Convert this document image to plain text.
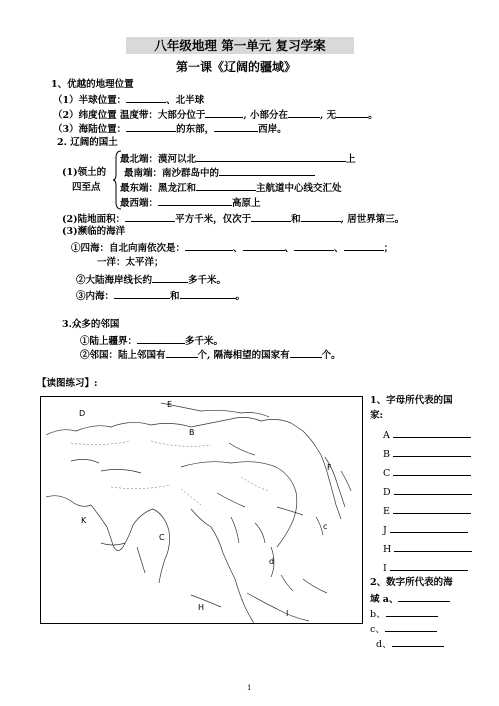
八年级地理 第一单元 复习学案
第一课《辽阔的疆域》
1、优越的地理位置
（1）半球位置：	、北半球
（2）纬度位置 温度带：大部分位于	, 小部分在	, 无	。
（3）海陆位置：	的东部，	西岸。
2. 辽阔的国土
(1)领土的
四至点
最北端：漠河以北	上
最南端：南沙群岛中的
最东端：黑龙江和	主航道中心线交汇处
最西端：	高原上
(2)陆地面积：	平方千米，仅次于	和	, 居世界第三。
(3)濒临的海洋
①四海：自北向南依次是：	、	、	、	；
一洋：太平洋；
②大陆海岸线长约	多千米。
③内海：	和	。
3.众多的邻国
①陆上疆界：	多千米。
②邻国：陆上邻国有	个, 隔海相望的国家有	个。
【读图练习】:
D
E
B
F
K
C
c
d
H
I
1、字母所代表的国
家:
A
B
C
D
E
J
H
I
2、数字所代表的海
域 a、
b、
c、
d、
1
